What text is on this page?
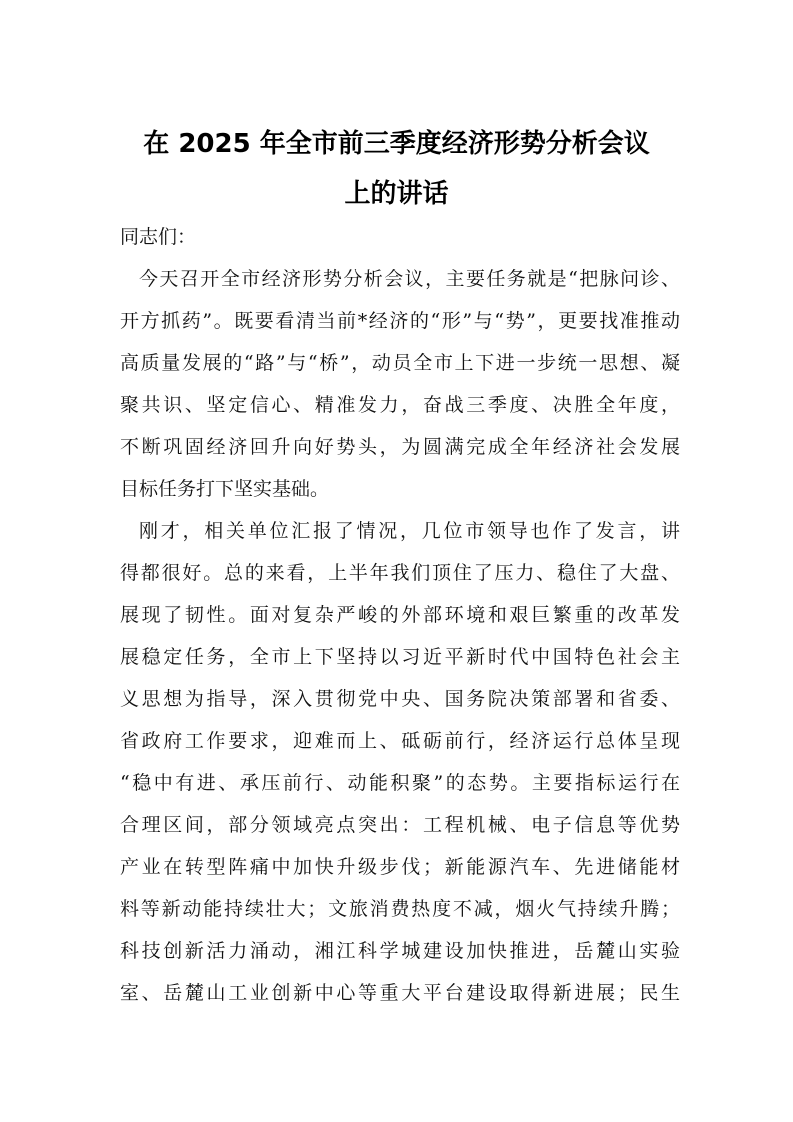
在 2025 年全市前三季度经济形势分析会议
上的讲话
同志们：
今天召开全市经济形势分析会议，主要任务就是“把脉问诊、
开方抓药”。既要看清当前*经济的“形”与“势”，更要找准推动
高质量发展的“路”与“桥”，动员全市上下进一步统一思想、凝
聚共识、坚定信心、精准发力，奋战三季度、决胜全年度，
不断巩固经济回升向好势头，为圆满完成全年经济社会发展
目标任务打下坚实基础。
刚才，相关单位汇报了情况，几位市领导也作了发言，讲
得都很好。总的来看，上半年我们顶住了压力、稳住了大盘、
展现了韧性。面对复杂严峻的外部环境和艰巨繁重的改革发
展稳定任务，全市上下坚持以习近平新时代中国特色社会主
义思想为指导，深入贯彻党中央、国务院决策部署和省委、
省政府工作要求，迎难而上、砥砺前行，经济运行总体呈现
“稳中有进、承压前行、动能积聚”的态势。主要指标运行在
合理区间，部分领域亮点突出：工程机械、电子信息等优势
产业在转型阵痛中加快升级步伐；新能源汽车、先进储能材
料等新动能持续壮大；文旅消费热度不减，烟火气持续升腾；
科技创新活力涌动，湘江科学城建设加快推进，岳麓山实验
室、岳麓山工业创新中心等重大平台建设取得新进展；民生
